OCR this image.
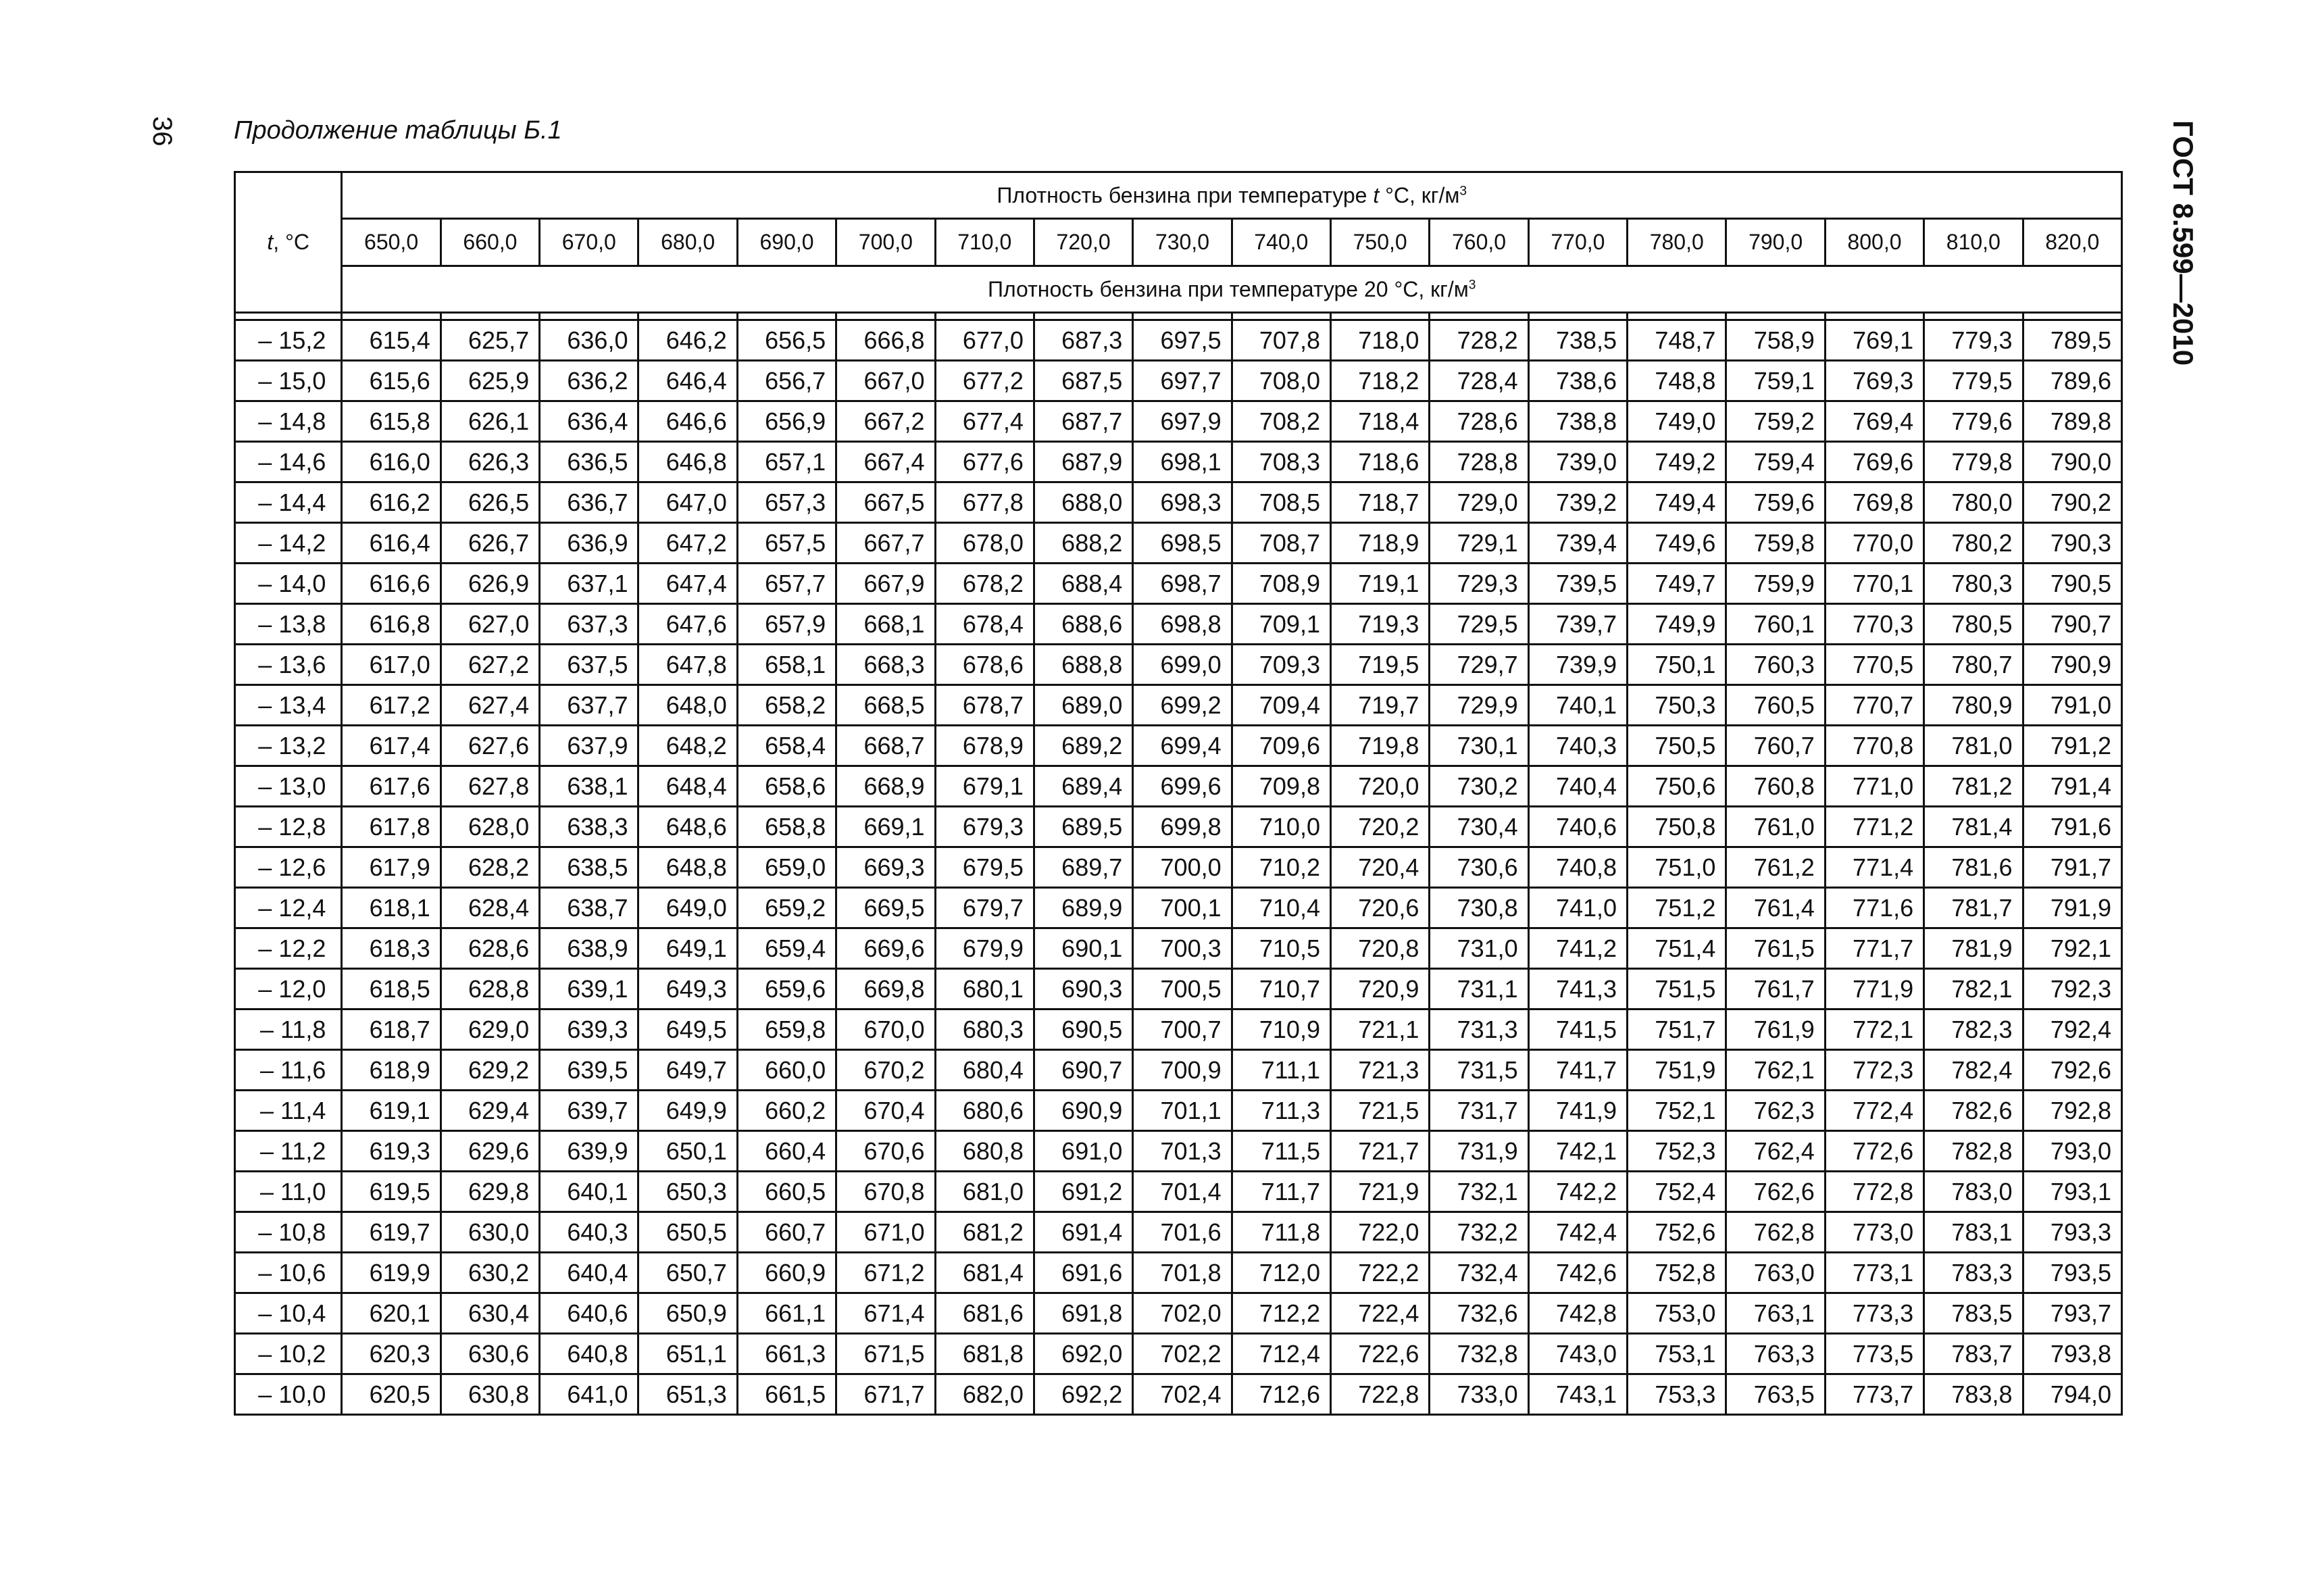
36 Продолжение таблицы Б.1	ГОСТ 8.599—2010
t, °C	Плотность бензина при температуре t °C, $кг/м^3$
	650,0	660,0	670,0	680,0	690,0	700,0	710,0	720,0	730,0	740,0	750,0	760,0	770,0	780,0	790,0	800,0	810,0	820,0
	Плотность бензина при температуре 20 °C, $кг/м^3$

– 15,2	615,4	625,7	636,0	646,2	656,5	666,8	677,0	687,3	697,5	707,8	718,0	728,2	738,5	748,7	758,9	769,1	779,3	789,5
– 15,0	615,6	625,9	636,2	646,4	656,7	667,0	677,2	687,5	697,7	708,0	718,2	728,4	738,6	748,8	759,1	769,3	779,5	789,6
– 14,8	615,8	626,1	636,4	646,6	656,9	667,2	677,4	687,7	697,9	708,2	718,4	728,6	738,8	749,0	759,2	769,4	779,6	789,8
– 14,6	616,0	626,3	636,5	646,8	657,1	667,4	677,6	687,9	698,1	708,3	718,6	728,8	739,0	749,2	759,4	769,6	779,8	790,0
– 14,4	616,2	626,5	636,7	647,0	657,3	667,5	677,8	688,0	698,3	708,5	718,7	729,0	739,2	749,4	759,6	769,8	780,0	790,2
– 14,2	616,4	626,7	636,9	647,2	657,5	667,7	678,0	688,2	698,5	708,7	718,9	729,1	739,4	749,6	759,8	770,0	780,2	790,3
– 14,0	616,6	626,9	637,1	647,4	657,7	667,9	678,2	688,4	698,7	708,9	719,1	729,3	739,5	749,7	759,9	770,1	780,3	790,5
– 13,8	616,8	627,0	637,3	647,6	657,9	668,1	678,4	688,6	698,8	709,1	719,3	729,5	739,7	749,9	760,1	770,3	780,5	790,7
– 13,6	617,0	627,2	637,5	647,8	658,1	668,3	678,6	688,8	699,0	709,3	719,5	729,7	739,9	750,1	760,3	770,5	780,7	790,9
– 13,4	617,2	627,4	637,7	648,0	658,2	668,5	678,7	689,0	699,2	709,4	719,7	729,9	740,1	750,3	760,5	770,7	780,9	791,0
– 13,2	617,4	627,6	637,9	648,2	658,4	668,7	678,9	689,2	699,4	709,6	719,8	730,1	740,3	750,5	760,7	770,8	781,0	791,2
– 13,0	617,6	627,8	638,1	648,4	658,6	668,9	679,1	689,4	699,6	709,8	720,0	730,2	740,4	750,6	760,8	771,0	781,2	791,4
– 12,8	617,8	628,0	638,3	648,6	658,8	669,1	679,3	689,5	699,8	710,0	720,2	730,4	740,6	750,8	761,0	771,2	781,4	791,6
– 12,6	617,9	628,2	638,5	648,8	659,0	669,3	679,5	689,7	700,0	710,2	720,4	730,6	740,8	751,0	761,2	771,4	781,6	791,7
– 12,4	618,1	628,4	638,7	649,0	659,2	669,5	679,7	689,9	700,1	710,4	720,6	730,8	741,0	751,2	761,4	771,6	781,7	791,9
– 12,2	618,3	628,6	638,9	649,1	659,4	669,6	679,9	690,1	700,3	710,5	720,8	731,0	741,2	751,4	761,5	771,7	781,9	792,1
– 12,0	618,5	628,8	639,1	649,3	659,6	669,8	680,1	690,3	700,5	710,7	720,9	731,1	741,3	751,5	761,7	771,9	782,1	792,3
– 11,8	618,7	629,0	639,3	649,5	659,8	670,0	680,3	690,5	700,7	710,9	721,1	731,3	741,5	751,7	761,9	772,1	782,3	792,4
– 11,6	618,9	629,2	639,5	649,7	660,0	670,2	680,4	690,7	700,9	711,1	721,3	731,5	741,7	751,9	762,1	772,3	782,4	792,6
– 11,4	619,1	629,4	639,7	649,9	660,2	670,4	680,6	690,9	701,1	711,3	721,5	731,7	741,9	752,1	762,3	772,4	782,6	792,8
– 11,2	619,3	629,6	639,9	650,1	660,4	670,6	680,8	691,0	701,3	711,5	721,7	731,9	742,1	752,3	762,4	772,6	782,8	793,0
– 11,0	619,5	629,8	640,1	650,3	660,5	670,8	681,0	691,2	701,4	711,7	721,9	732,1	742,2	752,4	762,6	772,8	783,0	793,1
– 10,8	619,7	630,0	640,3	650,5	660,7	671,0	681,2	691,4	701,6	711,8	722,0	732,2	742,4	752,6	762,8	773,0	783,1	793,3
– 10,6	619,9	630,2	640,4	650,7	660,9	671,2	681,4	691,6	701,8	712,0	722,2	732,4	742,6	752,8	763,0	773,1	783,3	793,5
– 10,4	620,1	630,4	640,6	650,9	661,1	671,4	681,6	691,8	702,0	712,2	722,4	732,6	742,8	753,0	763,1	773,3	783,5	793,7
– 10,2	620,3	630,6	640,8	651,1	661,3	671,5	681,8	692,0	702,2	712,4	722,6	732,8	743,0	753,1	763,3	773,5	783,7	793,8
– 10,0	620,5	630,8	641,0	651,3	661,5	671,7	682,0	692,2	702,4	712,6	722,8	733,0	743,1	753,3	763,5	773,7	783,8	794,0
